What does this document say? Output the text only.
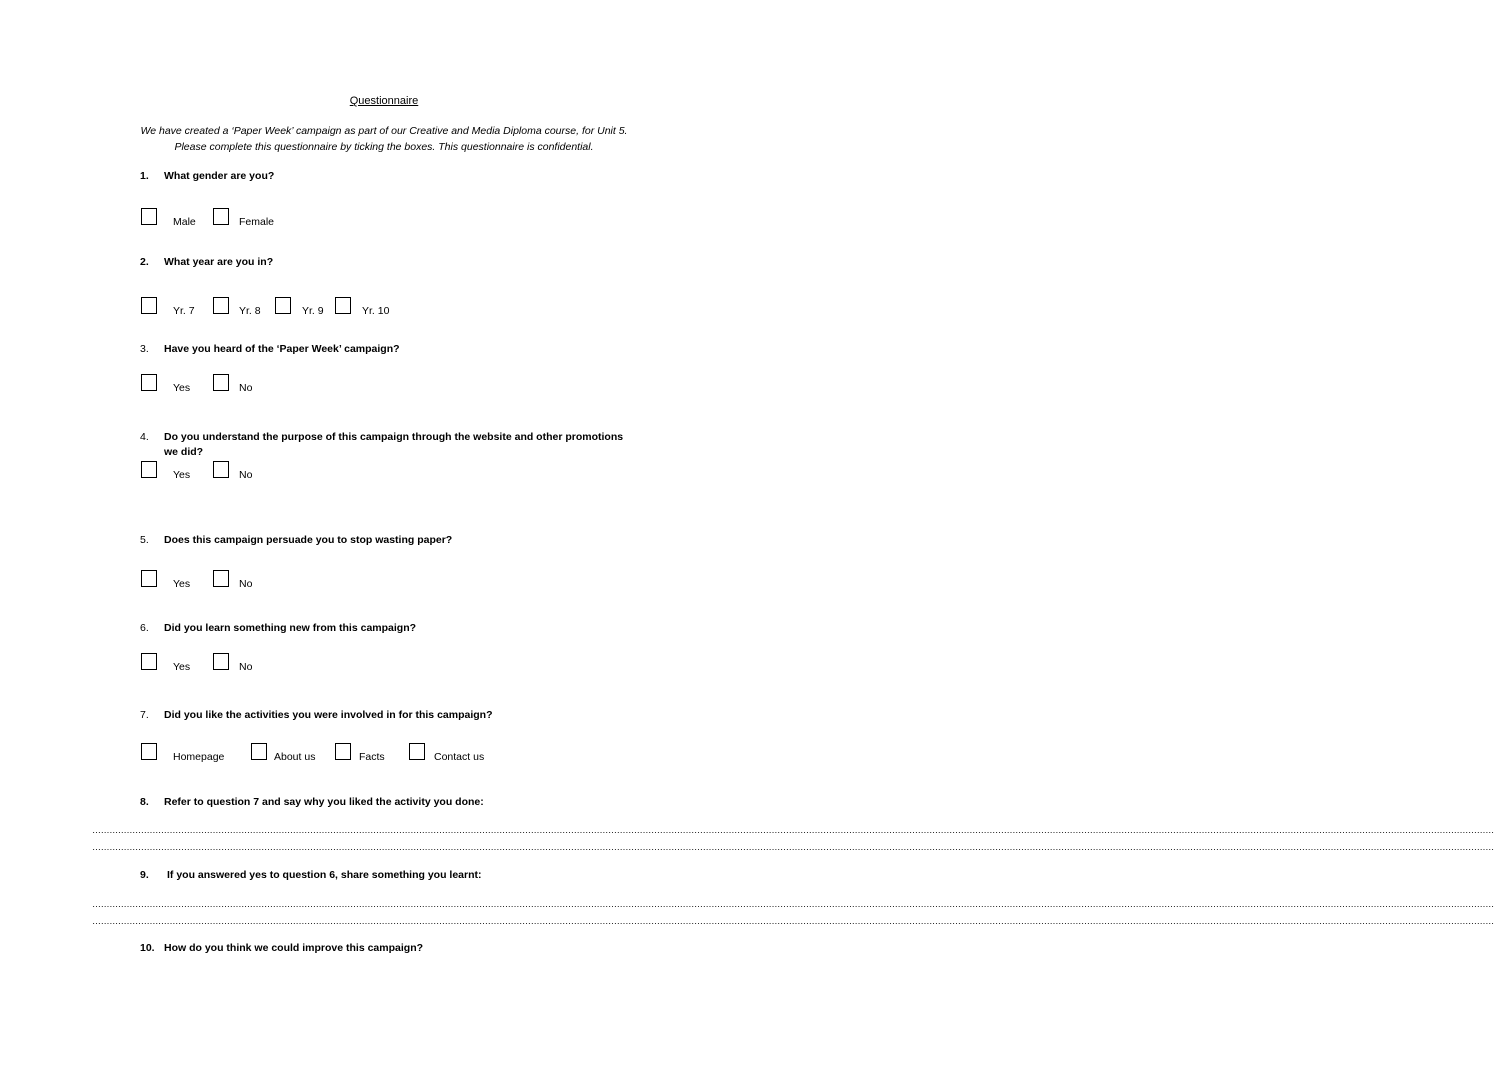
Questionnaire
We have created a ‘Paper Week’ campaign as part of our Creative and Media Diploma course, for Unit 5.
Please complete this questionnaire by ticking the boxes. This questionnaire is confidential.
1. What gender are you?
Male	Female
2. What year are you in?
Yr. 7	Yr. 8	Yr. 9	Yr. 10
3. Have you heard of the ‘Paper Week’ campaign?
Yes	No
4. Do you understand the purpose of this campaign through the website and other promotions
we did?
Yes	No
5. Does this campaign persuade you to stop wasting paper?
Yes	No
6. Did you learn something new from this campaign?
Yes	No
7. Did you like the activities you were involved in for this campaign?
Homepage	About us	Facts	Contact us
8. Refer to question 7 and say why you liked the activity you done:
…………………………………………………………………………………………………………………………………………………………………………………………………………………………………………………………………………………………………………………………………………………………………………………………………………………………………………………
…………………………………………………………………………………………………………………………………………………………………………………………………………………………………………………………………………………………………………………………………………………………………………………………………………………………………………………
9. If you answered yes to question 6, share something you learnt:
…………………………………………………………………………………………………………………………………………………………………………………………………………………………………………………………………………………………………………………………………………………………………………………………………………………………………………………
…………………………………………………………………………………………………………………………………………………………………………………………………………………………………………………………………………………………………………………………………………………………………………………………………………………………………………………
10. How do you think we could improve this campaign?
